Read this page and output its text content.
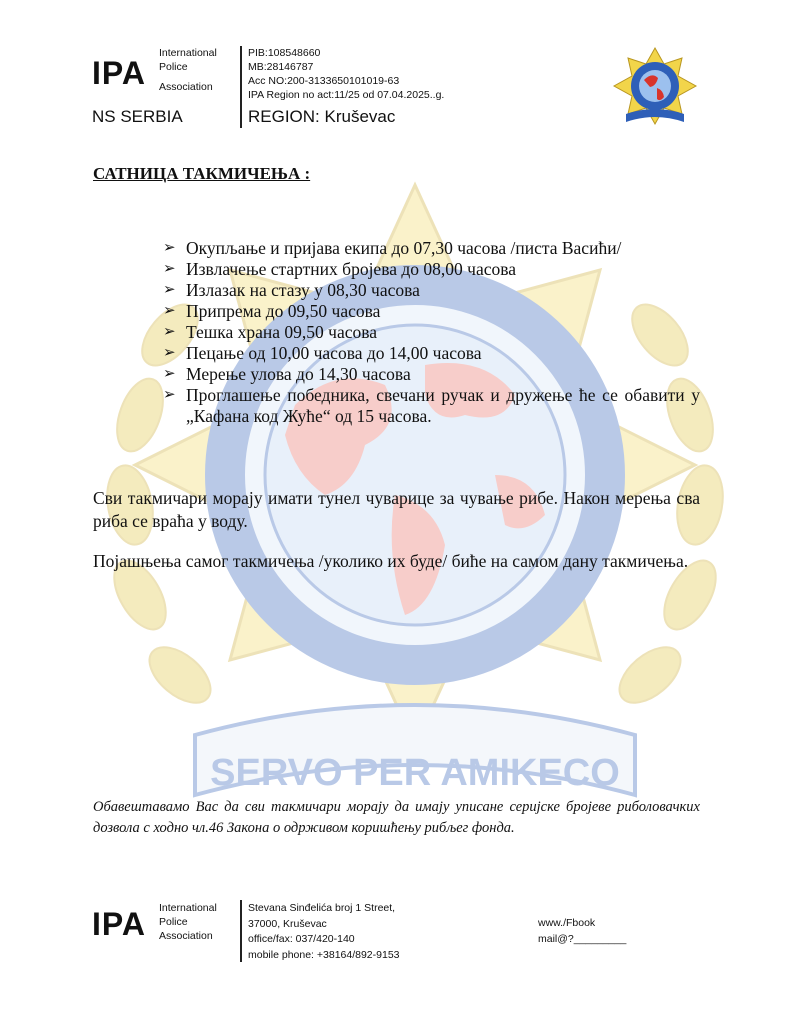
SERVO PER AMIKECO
IPA
International
Police
Association
NS SERBIA
PIB:108548660
MB:28146787
Acc NO:200-3133650101019-63
IPA Region no act:11/25 od 07.04.2025..g.
REGION: Kruševac
САТНИЦА ТАКМИЧЕЊА :
➢ Окупљање и пријава екипа до 07,30 часова /писта Васићи/
➢ Извлачење стартних бројева до 08,00 часова
➢ Излазак на стазу у 08,30 часова
➢ Припрема до 09,50 часова
➢ Тешка храна 09,50 часова
➢ Пецање од 10,00 часова до 14,00 часова
➢ Мерење улова до 14,30 часова
➢ Проглашење победника, свечани ручак и дружење ће се обавити у „Кафана код Жуће“ од 15 часова.
Сви такмичари морају имати тунел чуварице за чување рибе. Након мерења сва риба се враћа у воду.
Појашњења самог такмичења /уколико их буде/ биће на самом дану такмичења.
Обавештавамо Вас да сви такмичари морају да имају уписане серијске бројеве риболовачких дозвола с ходно чл.46 Закона о одрживом коришћењу рибљег фонда.
IPA International
Police
Association
Stevana Sinđelića broj 1 Street,
37000, Kruševac
office/fax: 037/420-140
mobile phone: +38164/892-9153
www./Fbook
mail@?_________
